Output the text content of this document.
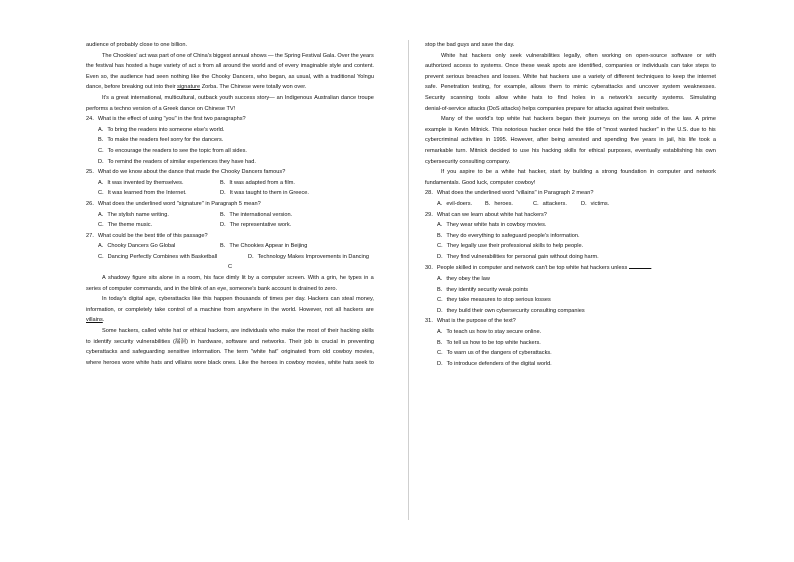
audience of probably close to one billion.
The Chookies' act was part of one of China's biggest annual shows — the Spring Festival Gala. Over the years
the festival has hosted a huge variety of act s from all around the world and of every imaginable style and content.
Even so, the audience had seen nothing like the Chooky Dancers, who began, as usual, with a traditional Yolngu
dance, before breaking out into their
signature
Zorba. The Chinese were totally won over.
It's a great international, multicultural, outback youth success story— an Indigenous Australian dance troupe
performs a techno version of a Greek dance on Chinese TV!
24．What is the effect of using "you" in the first two paragraphs?
A．To bring the readers into someone else's world.
B．To make the readers feel sorry for the dancers.
C．To encourage the readers to see the topic from all sides.
D．To remind the readers of similar experiences they have had.
25．What do we know about the dance that made the Chooky Dancers famous?
A．It was invented by themselves.	B．It was adapted from a film.
C．It was learned from the Internet.	D．It was taught to them in Greece.
26．What does the underlined word "signature" in Paragraph 5 mean?
A．The stylish name writing.	B．The international version.
C．The theme music.	D．The representative work.
27．What could be the best title of this passage?
A．Chooky Dancers Go Global	B．The Chookies Appear in Beijing
C．Dancing Perfectly Combines with Basketball	D．Technology Makes Improvements in Dancing
C
A shadowy figure sits alone in a room, his face dimly lit by a computer screen. With a grin, he types in a
series of computer commands, and in the blink of an eye, someone's bank account is drained to zero.
In today's digital age, cyberattacks like this happen thousands of times per day. Hackers can steal money,
information, or completely take control of a machine from anywhere in the world. However, not all hackers are
villains .
Some hackers, called white hat or ethical hackers, are individuals who make the most of their hacking skills
to identify security vulnerabilities (漏洞) in hardware, software and networks. Their job is crucial in preventing
cyberattacks and safeguarding sensitive information. The term "white hat" originated from old cowboy movies,
where heroes wore white hats and villains wore black ones. Like the heroes in cowboy movies, white hats seek to
stop the bad guys and save the day.
White hat hackers only seek vulnerabilities legally, often working on open-source software or with
authorized access to systems. Once these weak spots are identified, companies or individuals can take steps to
prevent serious breaches and losses. White hat hackers use a variety of different techniques to keep the internet
safe. Penetration testing, for example, allows them to mimic cyberattacks and uncover system weaknesses.
Security scanning tools allow white hats to find holes in a network's security systems. Simulating
denial-of-service attacks (DoS attacks) helps companies prepare for attacks against their websites.
Many of the world's top white hat hackers began their journeys on the wrong side of the law. A prime
example is Kevin Mitnick. This notorious hacker once held the title of "most wanted hacker" in the U.S. due to his
cybercriminal activities in 1995. However, after being arrested and spending five years in jail, his life took a
remarkable turn. Mitnick decided to use his hacking skills for ethical purposes, eventually establishing his own
cybersecurity consulting company.
If you aspire to be a white hat hacker, start by building a strong foundation in computer and network
fundamentals. Good luck, computer cowboy!
28．What does the underlined word "villains" in Paragraph 2 mean?
A．evil-doers.	B．heroes.	C．attackers.	D．victims.
29．What can we learn about white hat hackers?
A．They wear white hats in cowboy movies.
B．They do everything to safeguard people's information.
C．They legally use their professional skills to help people.
D．They find vulnerabilities for personal gain without doing harm.
30．People skilled in computer and network can't be top white hat hackers unless	.
A．they obey the law
B．they identify security weak points
C．they take measures to stop serious losses
D．they build their own cybersecurity consulting companies
31．What is the purpose of the text?
A．To teach us how to stay secure online.
B．To tell us how to be top white hackers.
C．To warn us of the dangers of cyberattacks.
D．To introduce defenders of the digital world.
